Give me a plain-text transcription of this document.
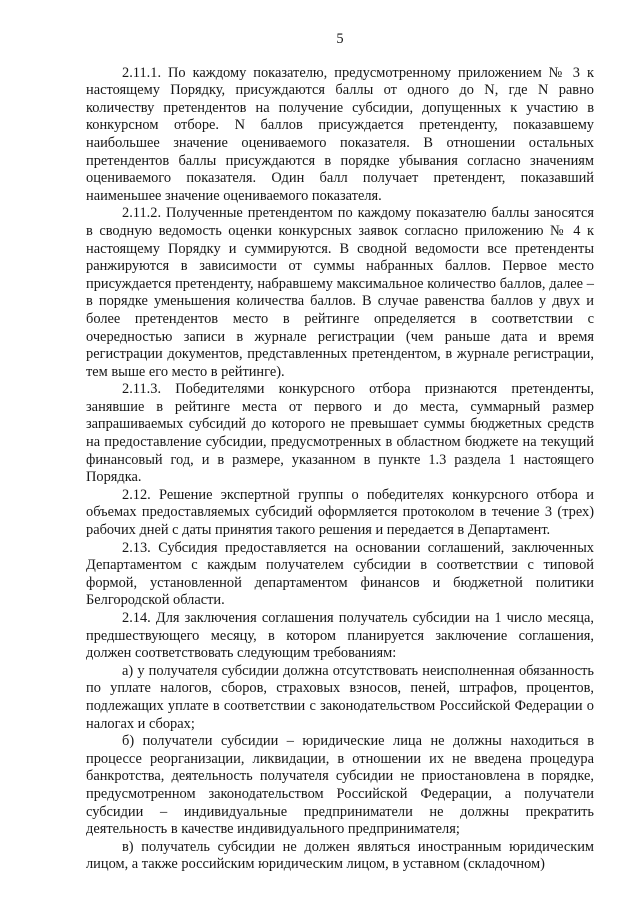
5

2.11.1. По каждому показателю, предусмотренному приложением № 3 к настоящему Порядку, присуждаются баллы от одного до N, где N равно количеству претендентов на получение субсидии, допущенных к участию в конкурсном отборе. N баллов присуждается претенденту, показавшему наибольшее значение оцениваемого показателя. В отношении остальных претендентов баллы присуждаются в порядке убывания согласно значениям оцениваемого показателя. Один балл получает претендент, показавший наименьшее значение оцениваемого показателя.

2.11.2. Полученные претендентом по каждому показателю баллы заносятся в сводную ведомость оценки конкурсных заявок согласно приложению № 4 к настоящему Порядку и суммируются. В сводной ведомости все претенденты ранжируются в зависимости от суммы набранных баллов. Первое место присуждается претенденту, набравшему максимальное количество баллов, далее – в порядке уменьшения количества баллов. В случае равенства баллов у двух и более претендентов место в рейтинге определяется в соответствии с очередностью записи в журнале регистрации (чем раньше дата и время регистрации документов, представленных претендентом, в журнале регистрации, тем выше его место в рейтинге).

2.11.3. Победителями конкурсного отбора признаются претенденты, занявшие в рейтинге места от первого и до места, суммарный размер запрашиваемых субсидий до которого не превышает суммы бюджетных средств на предоставление субсидии, предусмотренных в областном бюджете на текущий финансовый год, и в размере, указанном в пункте 1.3 раздела 1 настоящего Порядка.

2.12. Решение экспертной группы о победителях конкурсного отбора и объемах предоставляемых субсидий оформляется протоколом в течение 3 (трех) рабочих дней с даты принятия такого решения и передается в Департамент.

2.13. Субсидия предоставляется на основании соглашений, заключенных Департаментом с каждым получателем субсидии в соответствии с типовой формой, установленной департаментом финансов и бюджетной политики Белгородской области.

2.14. Для заключения соглашения получатель субсидии на 1 число месяца, предшествующего месяцу, в котором планируется заключение соглашения, должен соответствовать следующим требованиям:

а) у получателя субсидии должна отсутствовать неисполненная обязанность по уплате налогов, сборов, страховых взносов, пеней, штрафов, процентов, подлежащих уплате в соответствии с законодательством Российской Федерации о налогах и сборах;

б) получатели субсидии – юридические лица не должны находиться в процессе реорганизации, ликвидации, в отношении их не введена процедура банкротства, деятельность получателя субсидии не приостановлена в порядке, предусмотренном законодательством Российской Федерации, а получатели субсидии – индивидуальные предприниматели не должны прекратить деятельность в качестве индивидуального предпринимателя;

в) получатель субсидии не должен являться иностранным юридическим лицом, а также российским юридическим лицом, в уставном (складочном)
